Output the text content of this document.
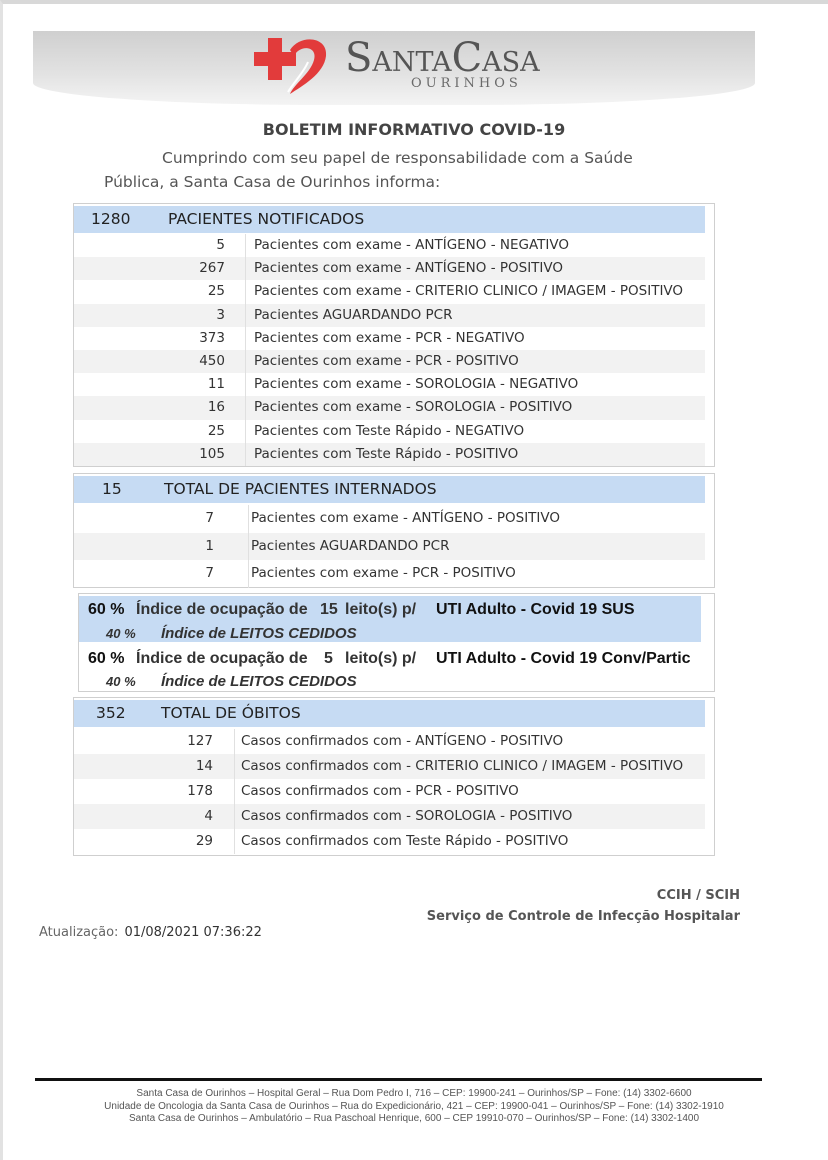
SANTACASA
OURINHOS
BOLETIM INFORMATIVO COVID-19
Cumprindo com seu papel de responsabilidade com a Saúde
Pública, a Santa Casa de Ourinhos informa:
1280 PACIENTES NOTIFICADOS
5 Pacientes com exame - ANTÍGENO - NEGATIVO
267 Pacientes com exame - ANTÍGENO - POSITIVO
25 Pacientes com exame - CRITERIO CLINICO / IMAGEM - POSITIVO
3 Pacientes AGUARDANDO PCR
373 Pacientes com exame - PCR - NEGATIVO
450 Pacientes com exame - PCR - POSITIVO
11 Pacientes com exame - SOROLOGIA - NEGATIVO
16 Pacientes com exame - SOROLOGIA - POSITIVO
25 Pacientes com Teste Rápido - NEGATIVO
105 Pacientes com Teste Rápido - POSITIVO
15	TOTAL DE PACIENTES INTERNADOS
7	Pacientes com exame - ANTÍGENO - POSITIVO
1	Pacientes AGUARDANDO PCR
7	Pacientes com exame - PCR - POSITIVO
60 % Índice de ocupação de 15 leito(s) p/ UTI Adulto - Covid 19 SUS
40 % Índice de LEITOS CEDIDOS
60 % Índice de ocupação de 5 leito(s) p/ UTI Adulto - Covid 19 Conv/Partic
40 % Índice de LEITOS CEDIDOS
352 TOTAL DE ÓBITOS
127 Casos confirmados com - ANTÍGENO - POSITIVO
14 Casos confirmados com - CRITERIO CLINICO / IMAGEM - POSITIVO
178 Casos confirmados com - PCR - POSITIVO
4 Casos confirmados com - SOROLOGIA - POSITIVO
29 Casos confirmados com Teste Rápido - POSITIVO
CCIH / SCIH
Serviço de Controle de Infecção Hospitalar
Atualização: 01/08/2021 07:36:22
Santa Casa de Ourinhos – Hospital Geral – Rua Dom Pedro I, 716 – CEP: 19900-241 – Ourinhos/SP – Fone: (14) 3302-6600
Unidade de Oncologia da Santa Casa de Ourinhos – Rua do Expedicionário, 421 – CEP: 19900-041 – Ourinhos/SP – Fone: (14) 3302-1910
Santa Casa de Ourinhos – Ambulatório – Rua Paschoal Henrique, 600 – CEP 19910-070 – Ourinhos/SP – Fone: (14) 3302-1400
